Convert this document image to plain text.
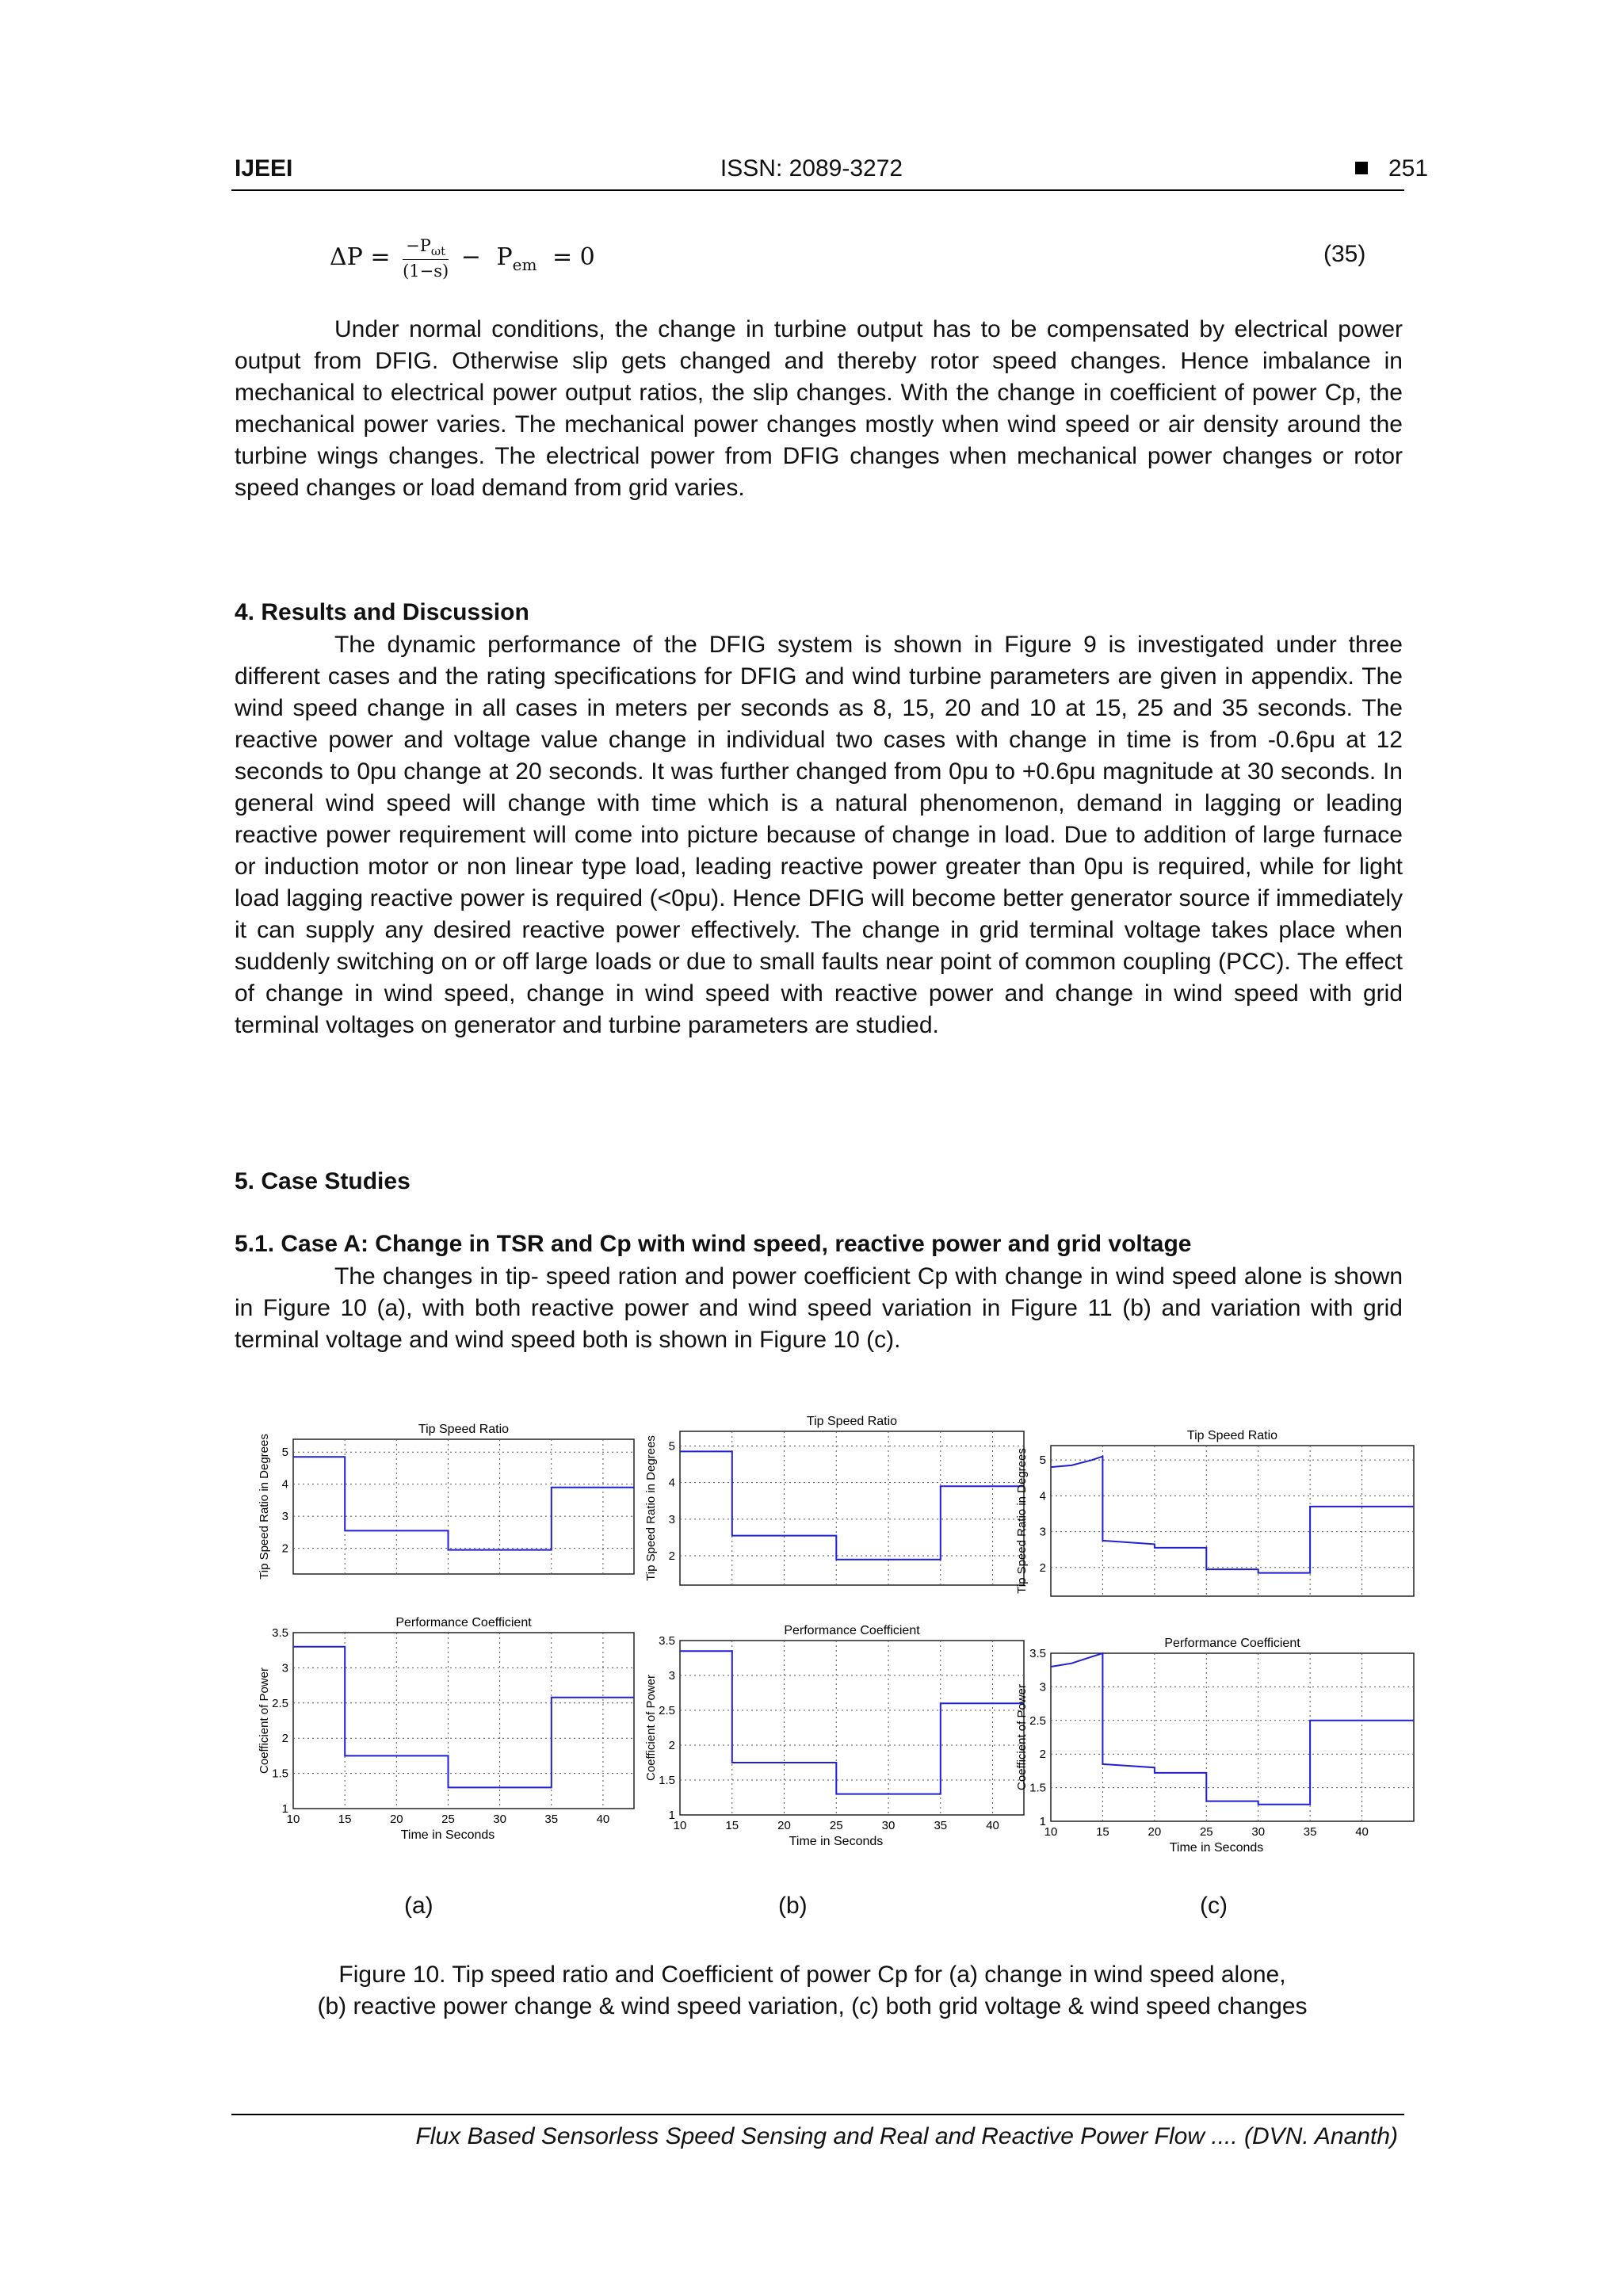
IJEEI	ISSN: 2089-3272	251
$\Delta P = \frac{-P_{\omega t}}{(1-s)} - P_{em} = 0$	(35)

Under normal conditions, the change in turbine output has to be compensated by electrical power output from DFIG. Otherwise slip gets changed and thereby rotor speed changes. Hence imbalance in mechanical to electrical power output ratios, the slip changes. With the change in coefficient of power Cp, the mechanical power varies. The mechanical power changes mostly when wind speed or air density around the turbine wings changes. The electrical power from DFIG changes when mechanical power changes or rotor speed changes or load demand from grid varies.

4. Results and Discussion

The dynamic performance of the DFIG system is shown in Figure 9 is investigated under three different cases and the rating specifications for DFIG and wind turbine parameters are given in appendix. The wind speed change in all cases in meters per seconds as 8, 15, 20 and 10 at 15, 25 and 35 seconds. The reactive power and voltage value change in individual two cases with change in time is from -0.6pu at 12 seconds to 0pu change at 20 seconds. It was further changed from 0pu to +0.6pu magnitude at 30 seconds. In general wind speed will change with time which is a natural phenomenon, demand in lagging or leading reactive power requirement will come into picture because of change in load. Due to addition of large furnace or induction motor or non linear type load, leading reactive power greater than 0pu is required, while for light load lagging reactive power is required (<0pu). Hence DFIG will become better generator source if immediately it can supply any desired reactive power effectively. The change in grid terminal voltage takes place when suddenly switching on or off large loads or due to small faults near point of common coupling (PCC). The effect of change in wind speed, change in wind speed with reactive power and change in wind speed with grid terminal voltages on generator and turbine parameters are studied.

5. Case Studies
5.1. Case A: Change in TSR and Cp with wind speed, reactive power and grid voltage

The changes in tip- speed ration and power coefficient Cp with change in wind speed alone is shown in Figure 10 (a), with both reactive power and wind speed variation in Figure 11 (b) and variation with grid terminal voltage and wind speed both is shown in Figure 10 (c).

2
3
4
5
Tip Speed Ratio
Tip Speed Ratio in Degrees
1
1.5
2
2.5
3
3.5
10	15	20	25	30	35	40
Performance Coefficient
Time in Seconds
Coefficient of Power
2
3
4
5
Tip Speed Ratio
Tip Speed Ratio in Degrees
1
1.5
2
2.5
3
3.5
10	15	20	25	30	35	40
Performance Coefficient
Time in Seconds
Coefficient of Power
2
3
4
5
Tip Speed Ratio
Tip Speed Ratio in Degrees
1
1.5
2
2.5
3
3.5
10	15	20	25	30	35	40
Performance Coefficient
Time in Seconds
Coefficient of Power
(a)	(b)	(c)
Figure 10. Tip speed ratio and Coefficient of power Cp for (a) change in wind speed alone,
(b) reactive power change & wind speed variation, (c) both grid voltage & wind speed changes
Flux Based Sensorless Speed Sensing and Real and Reactive Power Flow .... (DVN. Ananth)
